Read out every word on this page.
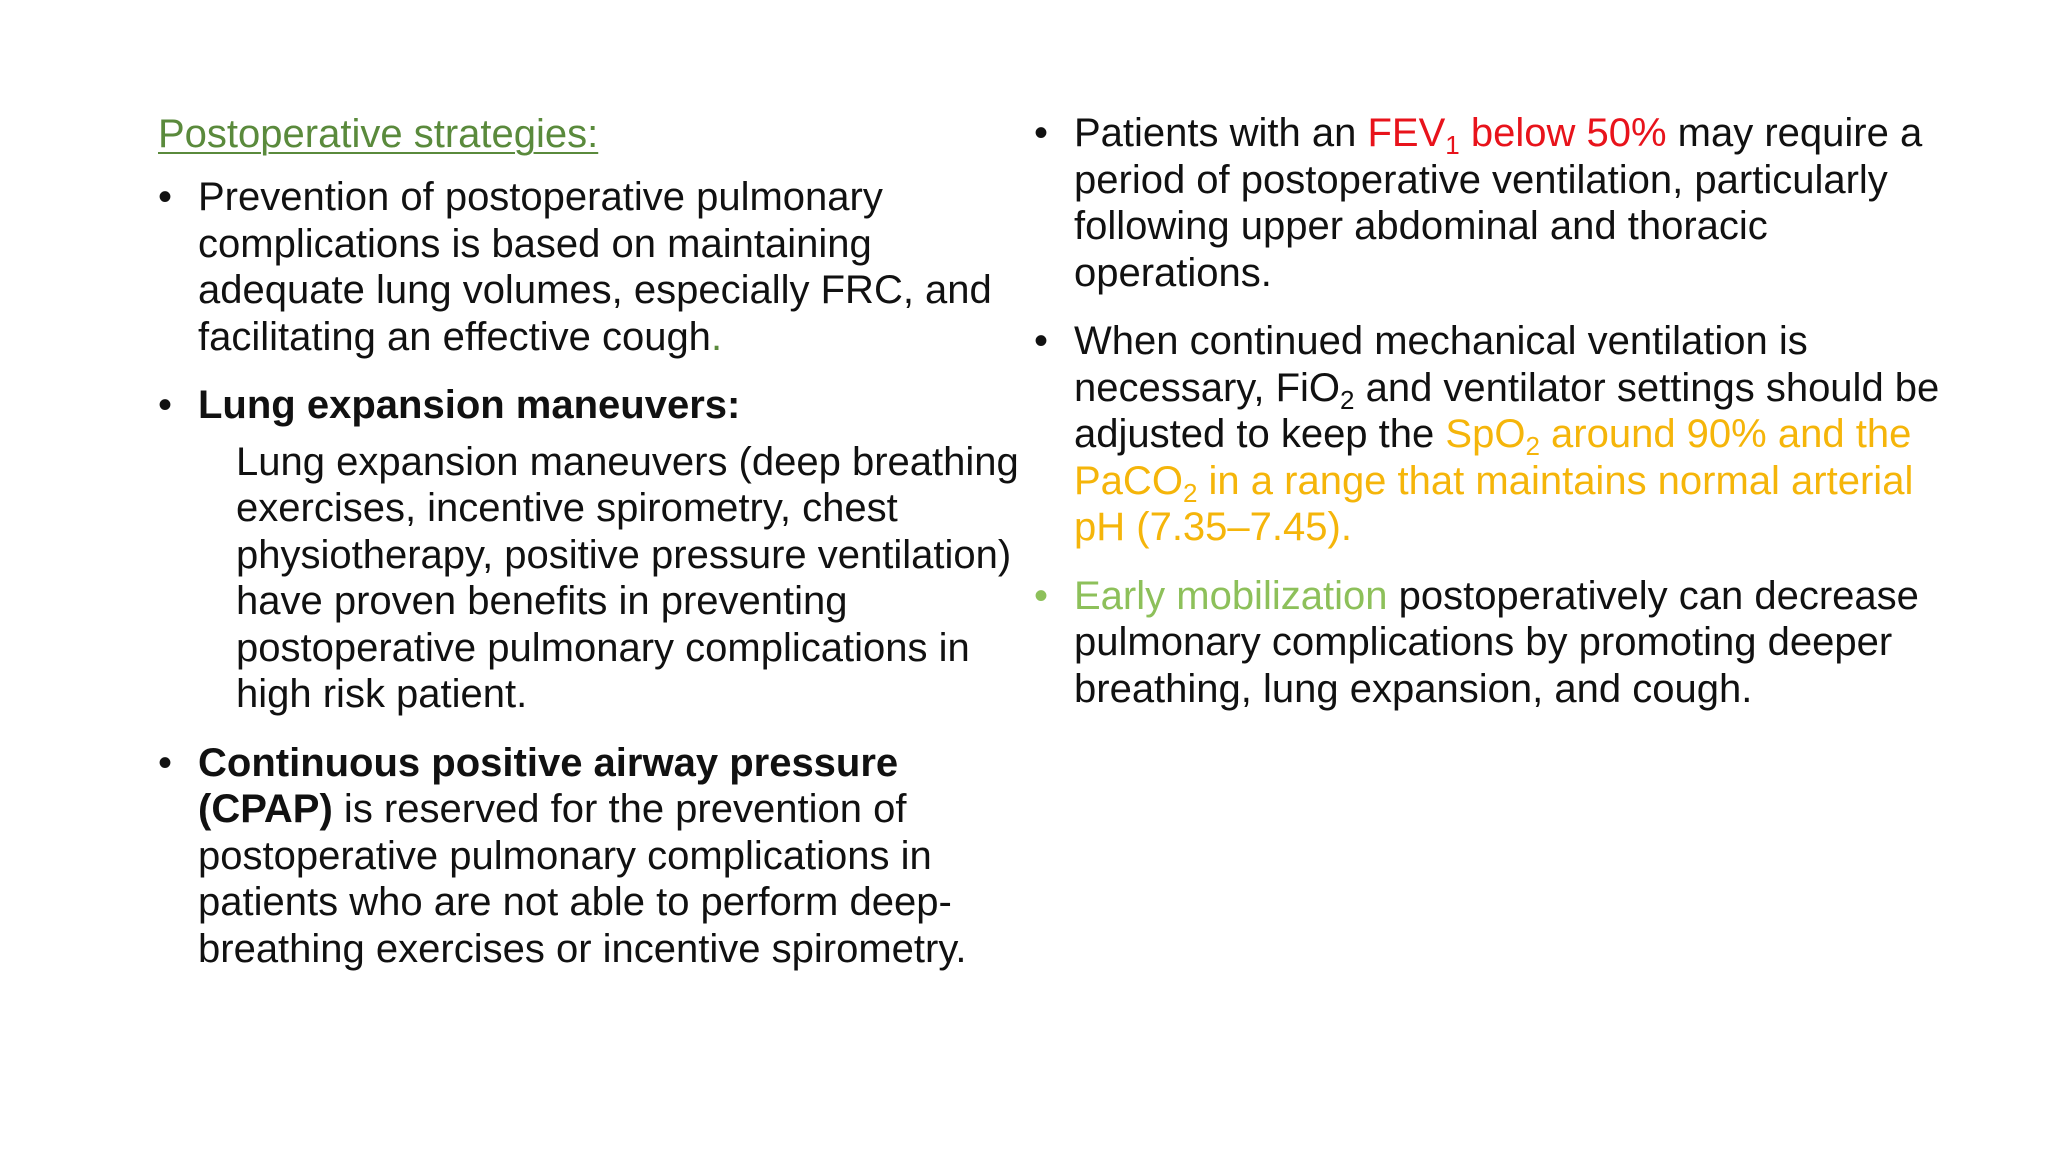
Postoperative strategies:
• Prevention of postoperative pulmonary complications is based on maintaining adequate lung volumes, especially FRC, and facilitating an effective cough.
• Lung expansion maneuvers:
Lung expansion maneuvers (deep breathing exercises, incentive spirometry, chest physiotherapy, positive pressure ventilation) have proven benefits in preventing postoperative pulmonary complications in high risk patient.
• Continuous positive airway pressure (CPAP) is reserved for the prevention of postoperative pulmonary complications in patients who are not able to perform deep-breathing exercises or incentive spirometry.
• Patients with an $FEV_1$ below 50% may require a period of postoperative ventilation, particularly following upper abdominal and thoracic operations.
• When continued mechanical ventilation is necessary, FiO$_2$ and ventilator settings should be adjusted to keep the SpO$_2$ around 90% and the PaCO$_2$ in a range that maintains normal arterial pH (7.35–7.45).
• Early mobilization postoperatively can decrease pulmonary complications by promoting deeper breathing, lung expansion, and cough.
